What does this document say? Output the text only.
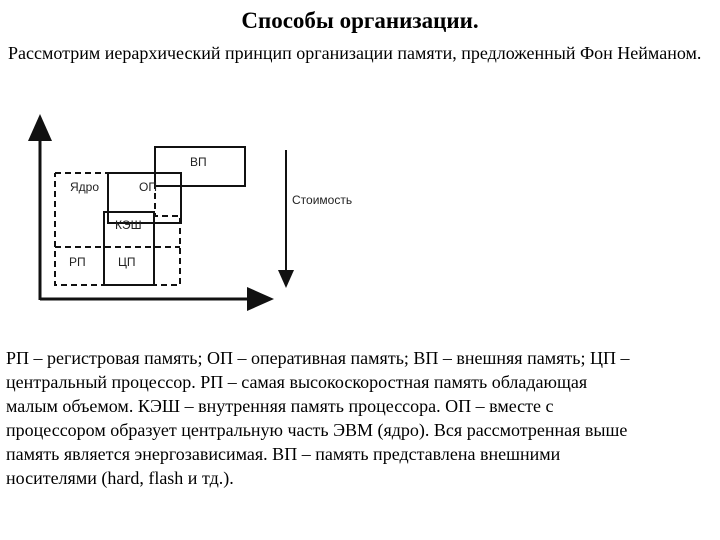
Способы организации.

Рассмотрим иерархический принцип организации памяти, предложенный Фон Нейманом.

Стоимость
ВП
Ядро	ОП
КЭШ
РП	ЦП

РП – регистровая память; ОП – оперативная память; ВП – внешняя память; ЦП –
центральный процессор. РП – самая высокоскоростная память обладающая
малым объемом. КЭШ – внутренняя память процессора. ОП – вместе с
процессором образует центральную часть ЭВМ (ядро). Вся рассмотренная выше
память является энергозависимая. ВП – память представлена внешними
носителями (hard, flash и тд.).
